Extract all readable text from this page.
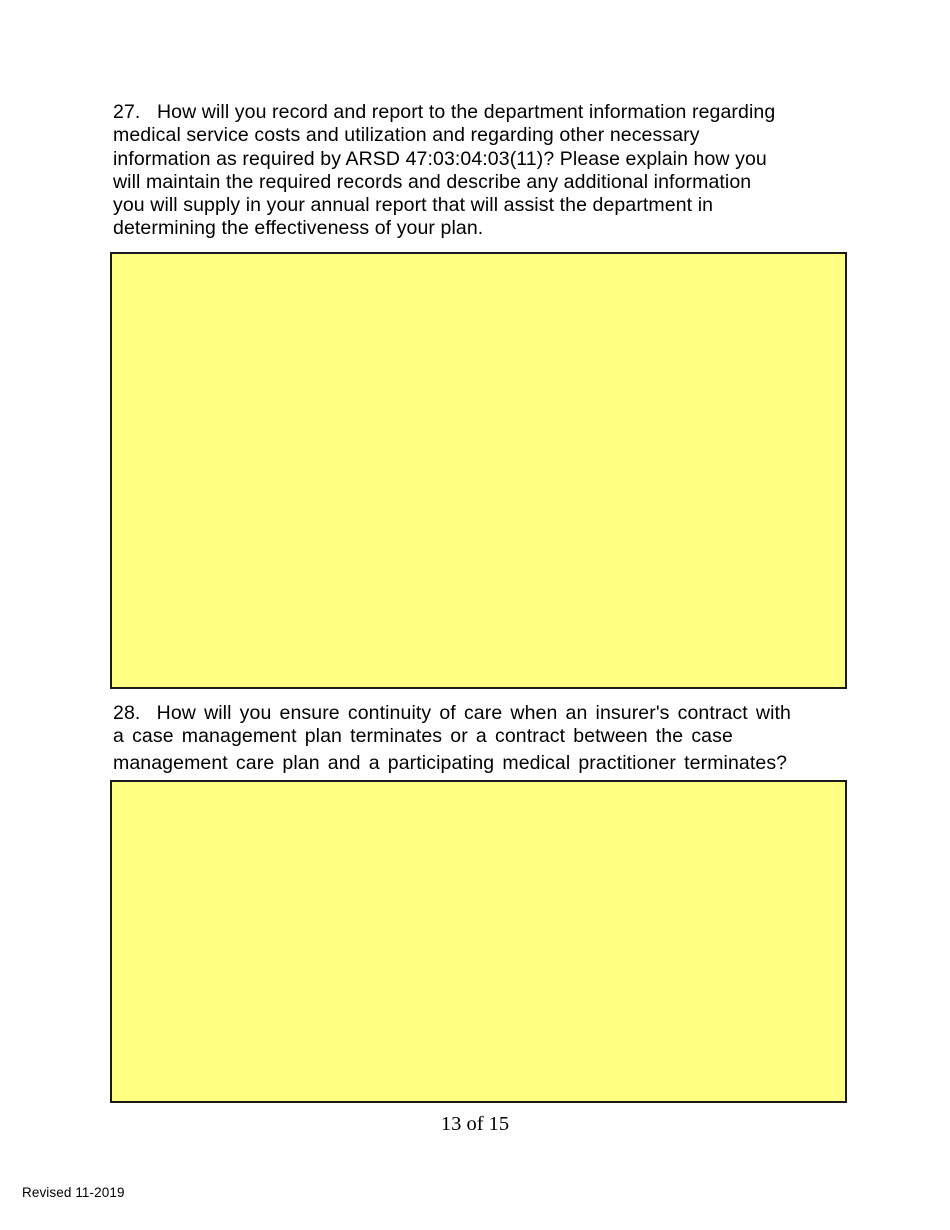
27.   How will you record and report to the department information regarding
medical service costs and utilization and regarding other necessary
information as required by ARSD 47:03:04:03(11)? Please explain how you
will maintain the required records and describe any additional information
you will supply in your annual report that will assist the department in
determining the effectiveness of your plan.
28.  How will you ensure continuity of care when an insurer's contract with
a case management plan terminates or a contract between the case
management care plan and a participating medical practitioner terminates?
13 of 15
Revised 11-2019
